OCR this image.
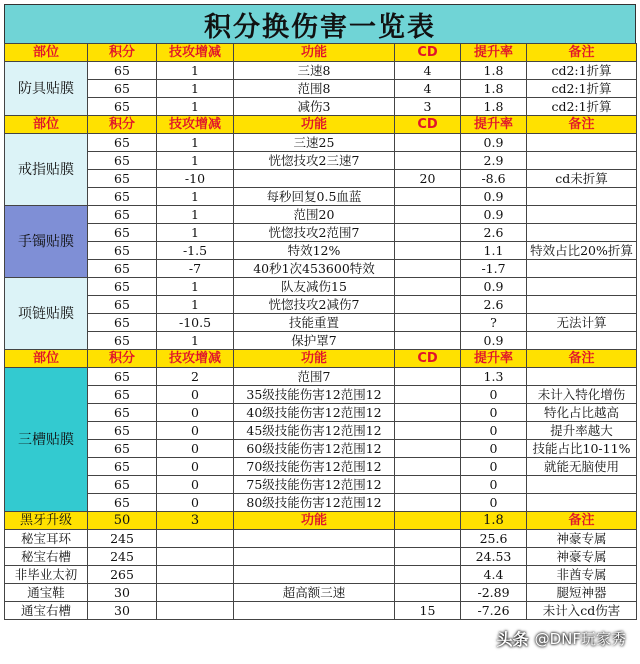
积分换伤害一览表
部位	积分	技攻增减	功能	CD	提升率	备注
防具贴膜	65	1	三速8	4	1.8	cd2:1折算
	65	1	范围8	4	1.8	cd2:1折算
	65	1	减伤3	3	1.8	cd2:1折算
部位	积分	技攻增减	功能	CD	提升率	备注
戒指贴膜	65	1	三速25		0.9	
	65	1	恍惚技攻2三速7		2.9	
	65	-10		20	-8.6	cd未折算
	65	1	每秒回复0.5血蓝		0.9	
手镯贴膜	65	1	范围20		0.9	
	65	1	恍惚技攻2范围7		2.6	
	65	-1.5	特效12%		1.1	特效占比20%折算
	65	-7	40秒1次453600特效		-1.7	
项链贴膜	65	1	队友减伤15		0.9	
	65	1	恍惚技攻2减伤7		2.6	
	65	-10.5	技能重置		?	无法计算
	65	1	保护罩7		0.9	
部位	积分	技攻增减	功能	CD	提升率	备注
三槽贴膜	65	2	范围7		1.3	
	65	0	35级技能伤害12范围12		0	未计入特化增伤
	65	0	40级技能伤害12范围12		0	特化占比越高
	65	0	45级技能伤害12范围12		0	提升率越大
	65	0	60级技能伤害12范围12		0	技能占比10-11%
	65	0	70级技能伤害12范围12		0	就能无脑使用
	65	0	75级技能伤害12范围12		0	
	65	0	80级技能伤害12范围12		0	
黑牙升级	50	3	功能		1.8	备注
秘宝耳环	245				25.6	神豪专属
秘宝右槽	245				24.53	神豪专属
非毕业太初	265				4.4	非酋专属
通宝鞋	30		超高额三速		-2.89	腿短神器
通宝右槽	30			15	-7.26	未计入cd伤害
头条 @DNF玩家秀
